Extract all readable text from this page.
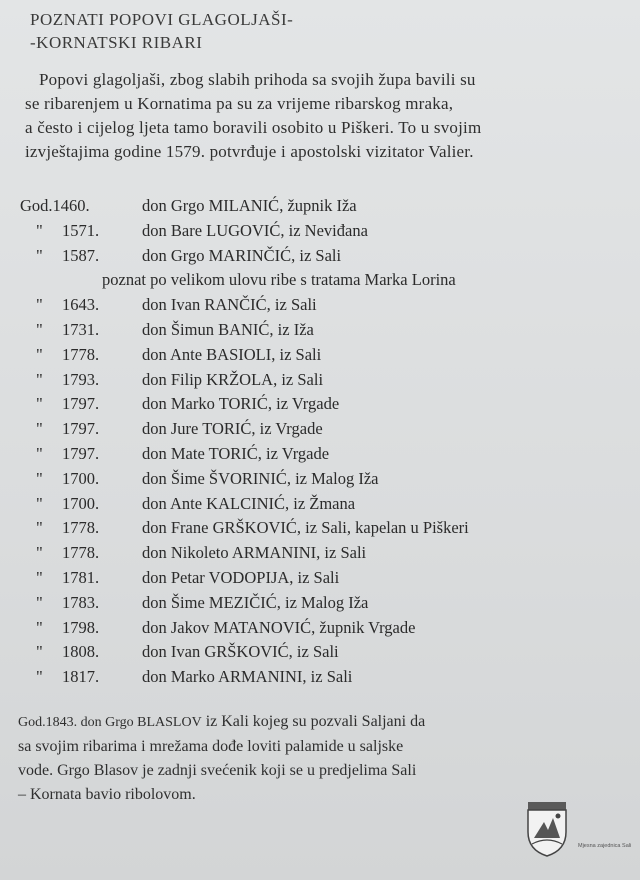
POZNATI POPOVI GLAGOLJAŠI-
-KORNATSKI RIBARI
Popovi glagoljaši, zbog slabih prihoda sa svojih župa bavili su
se ribarenjem u Kornatima pa su za vrijeme ribarskog mraka,
a često i cijelog ljeta tamo boravili osobito u Piškeri. To u svojim
izvještajima godine 1579. potvrđuje i apostolski vizitator Valier.
God.1460.	don Grgo MILANIĆ, župnik Iža
" 1571.	don Bare LUGOVIĆ, iz Neviđana
" 1587.	don Grgo MARINČIĆ, iz Sali
poznat po velikom ulovu ribe s tratama Marka Lorina
" 1643.	don Ivan RANČIĆ, iz Sali
" 1731.	don Šimun BANIĆ, iz Iža
" 1778.	don Ante BASIOLI, iz Sali
" 1793.	don Filip KRŽOLA, iz Sali
" 1797.	don Marko TORIĆ, iz Vrgade
" 1797.	don Jure TORIĆ, iz Vrgade
" 1797.	don Mate TORIĆ, iz Vrgade
" 1700.	don Šime ŠVORINIĆ, iz Malog Iža
" 1700.	don Ante KALCINIĆ, iz Žmana
" 1778.	don Frane GRŠKOVIĆ, iz Sali, kapelan u Piškeri
" 1778.	don Nikoleto ARMANINI, iz Sali
" 1781.	don Petar VODOPIJA, iz Sali
" 1783.	don Šime MEZIČIĆ, iz Malog Iža
" 1798.	don Jakov MATANOVIĆ, župnik Vrgade
" 1808.	don Ivan GRŠKOVIĆ, iz Sali
" 1817.	don Marko ARMANINI, iz Sali
God.1843. don Grgo BLASLOV iz Kali kojeg su pozvali Saljani da
sa svojim ribarima i mrežama dođe loviti palamide u saljske
vode. Grgo Blasov je zadnji svećenik koji se u predjelima Sali
– Kornata bavio ribolovom.
Mjesna zajednica Sali
